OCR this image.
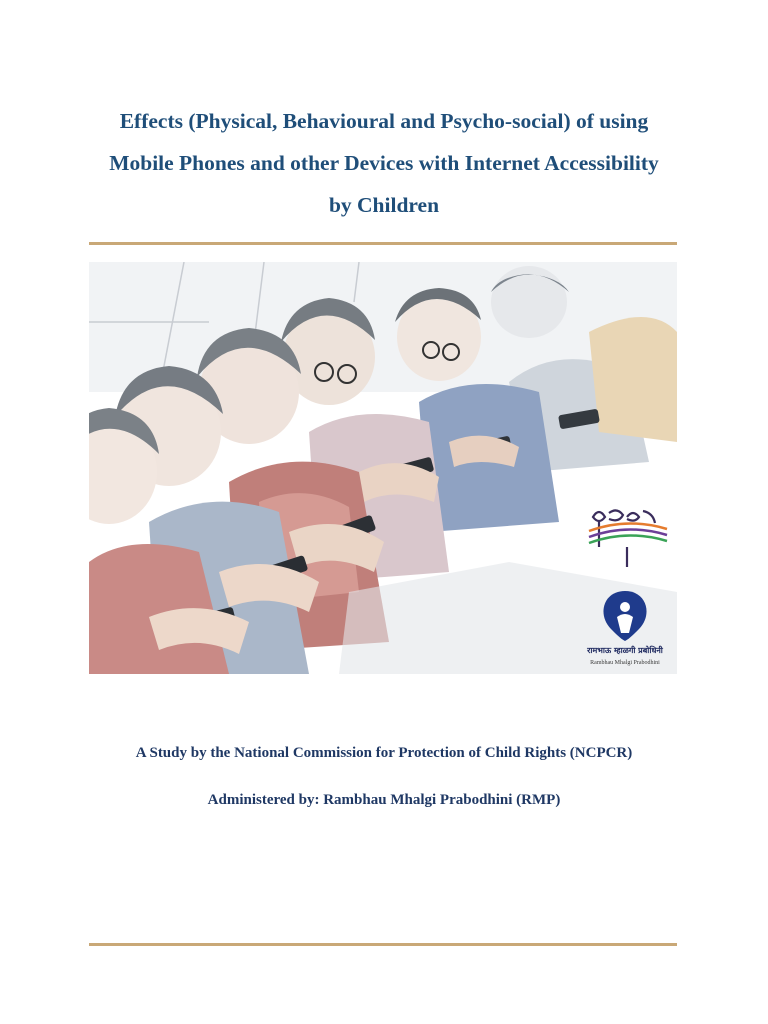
Effects (Physical, Behavioural and Psycho-social) of using
Mobile Phones and other Devices with Internet Accessibility
by Children
रामभाऊ म्हाळगी प्रबोधिनी
Rambhau Mhalgi Prabodhini
A Study by the National Commission for Protection of Child Rights (NCPCR)
Administered by: Rambhau Mhalgi Prabodhini (RMP)
